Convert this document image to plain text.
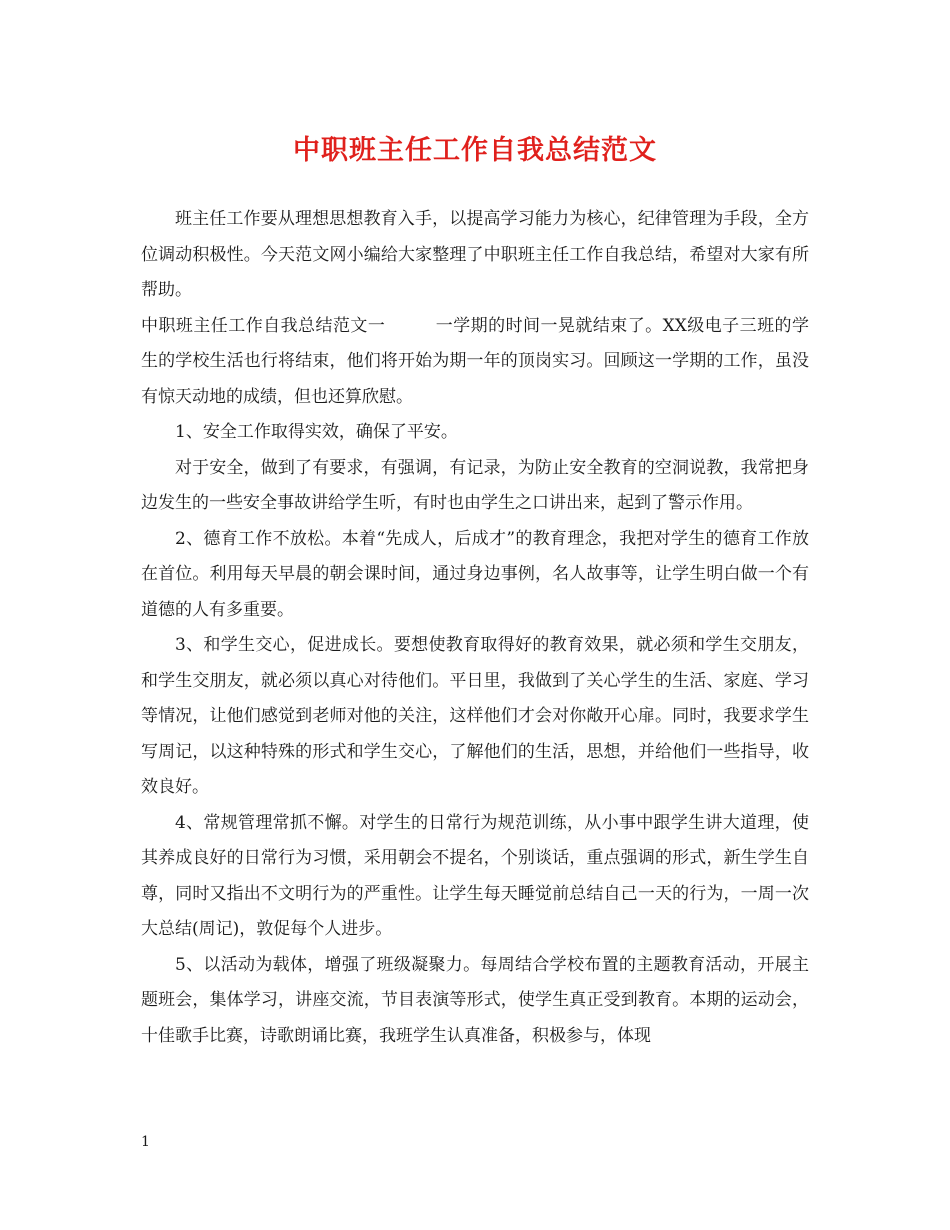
中职班主任工作自我总结范文

班主任工作要从理想思想教育入手，以提高学习能力为核心，纪律管理为手段，全方位调动积极性。今天范文网小编给大家整理了中职班主任工作自我总结，希望对大家有所帮助。

中职班主任工作自我总结范文一	一学期的时间一晃就结束了。XX级电子三班的学生的学校生活也行将结束，他们将开始为期一年的顶岗实习。回顾这一学期的工作，虽没有惊天动地的成绩，但也还算欣慰。

1、安全工作取得实效，确保了平安。

对于安全，做到了有要求，有强调，有记录，为防止安全教育的空洞说教，我常把身边发生的一些安全事故讲给学生听，有时也由学生之口讲出来，起到了警示作用。

2、德育工作不放松。本着“先成人，后成才”的教育理念，我把对学生的德育工作放在首位。利用每天早晨的朝会课时间，通过身边事例，名人故事等，让学生明白做一个有道德的人有多重要。

3、和学生交心，促进成长。要想使教育取得好的教育效果，就必须和学生交朋友，和学生交朋友，就必须以真心对待他们。平日里，我做到了关心学生的生活、家庭、学习等情况，让他们感觉到老师对他的关注，这样他们才会对你敞开心扉。同时，我要求学生写周记，以这种特殊的形式和学生交心，了解他们的生活，思想，并给他们一些指导，收效良好。

4、常规管理常抓不懈。对学生的日常行为规范训练，从小事中跟学生讲大道理，使其养成良好的日常行为习惯，采用朝会不提名，个别谈话，重点强调的形式，新生学生自尊，同时又指出不文明行为的严重性。让学生每天睡觉前总结自己一天的行为，一周一次大总结(周记)，敦促每个人进步。

5、以活动为载体，增强了班级凝聚力。每周结合学校布置的主题教育活动，开展主题班会，集体学习，讲座交流，节目表演等形式，使学生真正受到教育。本期的运动会，十佳歌手比赛，诗歌朗诵比赛，我班学生认真准备，积极参与，体现

1
